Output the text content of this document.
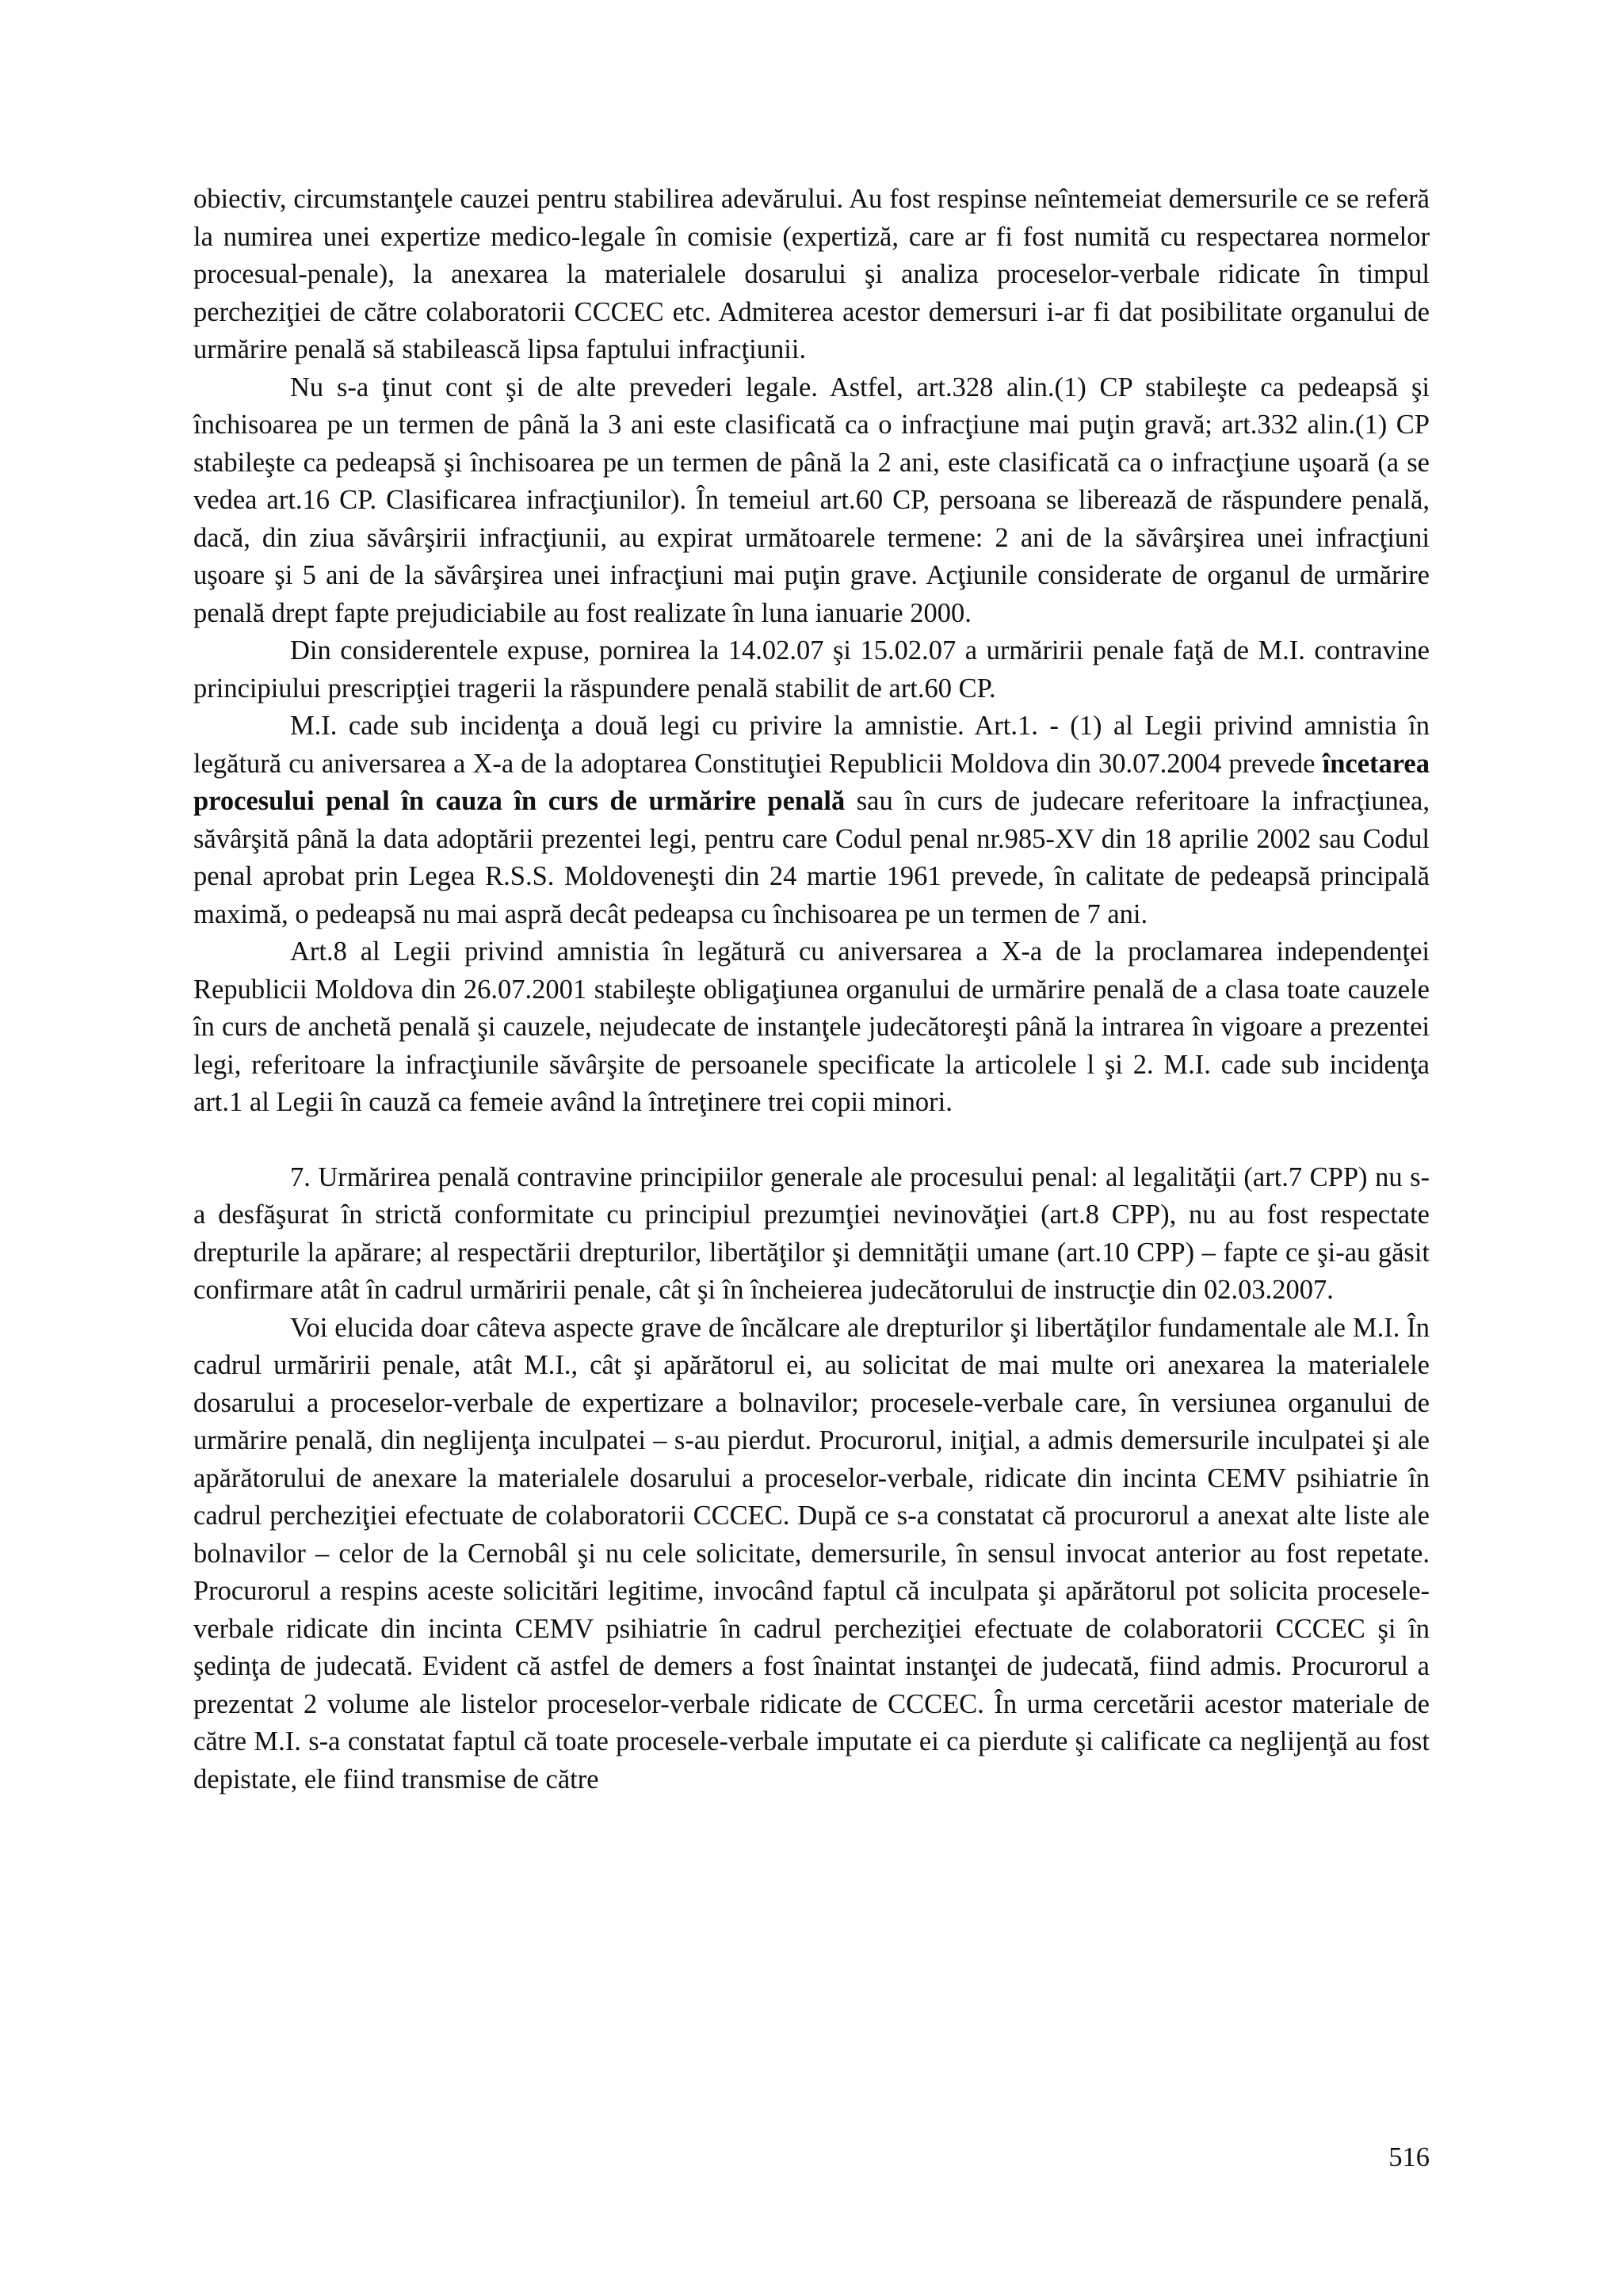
obiectiv, circumstanţele cauzei pentru stabilirea adevărului. Au fost respinse neîntemeiat demersurile ce se referă la numirea unei expertize medico-legale în comisie (expertiză, care ar fi fost numită cu respectarea normelor procesual-penale), la anexarea la materialele dosarului şi analiza proceselor-verbale ridicate în timpul percheziţiei de către colaboratorii CCCEC etc. Admiterea acestor demersuri i-ar fi dat posibilitate organului de urmărire penală să stabilească lipsa faptului infracţiunii.

Nu s-a ţinut cont şi de alte prevederi legale. Astfel, art.328 alin.(1) CP stabileşte ca pedeapsă şi închisoarea pe un termen de până la 3 ani este clasificată ca o infracţiune mai puţin gravă; art.332 alin.(1) CP stabileşte ca pedeapsă şi închisoarea pe un termen de până la 2 ani, este clasificată ca o infracţiune uşoară (a se vedea art.16 CP. Clasificarea infracţiunilor). În temeiul art.60 CP, persoana se liberează de răspundere penală, dacă, din ziua săvârşirii infracţiunii, au expirat următoarele termene: 2 ani de la săvârşirea unei infracţiuni uşoare şi 5 ani de la săvârşirea unei infracţiuni mai puţin grave. Acţiunile considerate de organul de urmărire penală drept fapte prejudiciabile au fost realizate în luna ianuarie 2000.

Din considerentele expuse, pornirea la 14.02.07 şi 15.02.07 a urmăririi penale faţă de M.I. contravine principiului prescripţiei tragerii la răspundere penală stabilit de art.60 CP.

M.I. cade sub incidenţa a două legi cu privire la amnistie. Art.1. - (1) al Legii privind amnistia în legătură cu aniversarea a X-a de la adoptarea Constituţiei Republicii Moldova din 30.07.2004 prevede încetarea procesului penal în cauza în curs de urmărire penală sau în curs de judecare referitoare la infracţiunea, săvârşită până la data adoptării prezentei legi, pentru care Codul penal nr.985-XV din 18 aprilie 2002 sau Codul penal aprobat prin Legea R.S.S. Moldoveneşti din 24 martie 1961 prevede, în calitate de pedeapsă principală maximă, o pedeapsă nu mai aspră decât pedeapsa cu închisoarea pe un termen de 7 ani.

Art.8 al Legii privind amnistia în legătură cu aniversarea a X-a de la proclamarea independenţei Republicii Moldova din 26.07.2001 stabileşte obligaţiunea organului de urmărire penală de a clasa toate cauzele în curs de anchetă penală şi cauzele, nejudecate de instanţele judecătoreşti până la intrarea în vigoare a prezentei legi, referitoare la infracţiunile săvârşite de persoanele specificate la articolele l şi 2. M.I. cade sub incidenţa art.1 al Legii în cauză ca femeie având la întreţinere trei copii minori.

7. Urmărirea penală contravine principiilor generale ale procesului penal: al legalităţii (art.7 CPP) nu s-a desfăşurat în strictă conformitate cu principiul prezumţiei nevinovăţiei (art.8 CPP), nu au fost respectate drepturile la apărare; al respectării drepturilor, libertăţilor şi demnităţii umane (art.10 CPP) – fapte ce şi-au găsit confirmare atât în cadrul urmăririi penale, cât şi în încheierea judecătorului de instrucţie din 02.03.2007.

Voi elucida doar câteva aspecte grave de încălcare ale drepturilor şi libertăţilor fundamentale ale M.I. În cadrul urmăririi penale, atât M.I., cât şi apărătorul ei, au solicitat de mai multe ori anexarea la materialele dosarului a proceselor-verbale de expertizare a bolnavilor; procesele-verbale care, în versiunea organului de urmărire penală, din neglijenţa inculpatei – s-au pierdut. Procurorul, iniţial, a admis demersurile inculpatei şi ale apărătorului de anexare la materialele dosarului a proceselor-verbale, ridicate din incinta CEMV psihiatrie în cadrul percheziţiei efectuate de colaboratorii CCCEC. După ce s-a constatat că procurorul a anexat alte liste ale bolnavilor – celor de la Cernobâl şi nu cele solicitate, demersurile, în sensul invocat anterior au fost repetate. Procurorul a respins aceste solicitări legitime, invocând faptul că inculpata şi apărătorul pot solicita procesele-verbale ridicate din incinta CEMV psihiatrie în cadrul percheziţiei efectuate de colaboratorii CCCEC şi în şedinţa de judecată. Evident că astfel de demers a fost înaintat instanţei de judecată, fiind admis. Procurorul a prezentat 2 volume ale listelor proceselor-verbale ridicate de CCCEC. În urma cercetării acestor materiale de către M.I. s-a constatat faptul că toate procesele-verbale imputate ei ca pierdute şi calificate ca neglijenţă au fost depistate, ele fiind transmise de către

516
